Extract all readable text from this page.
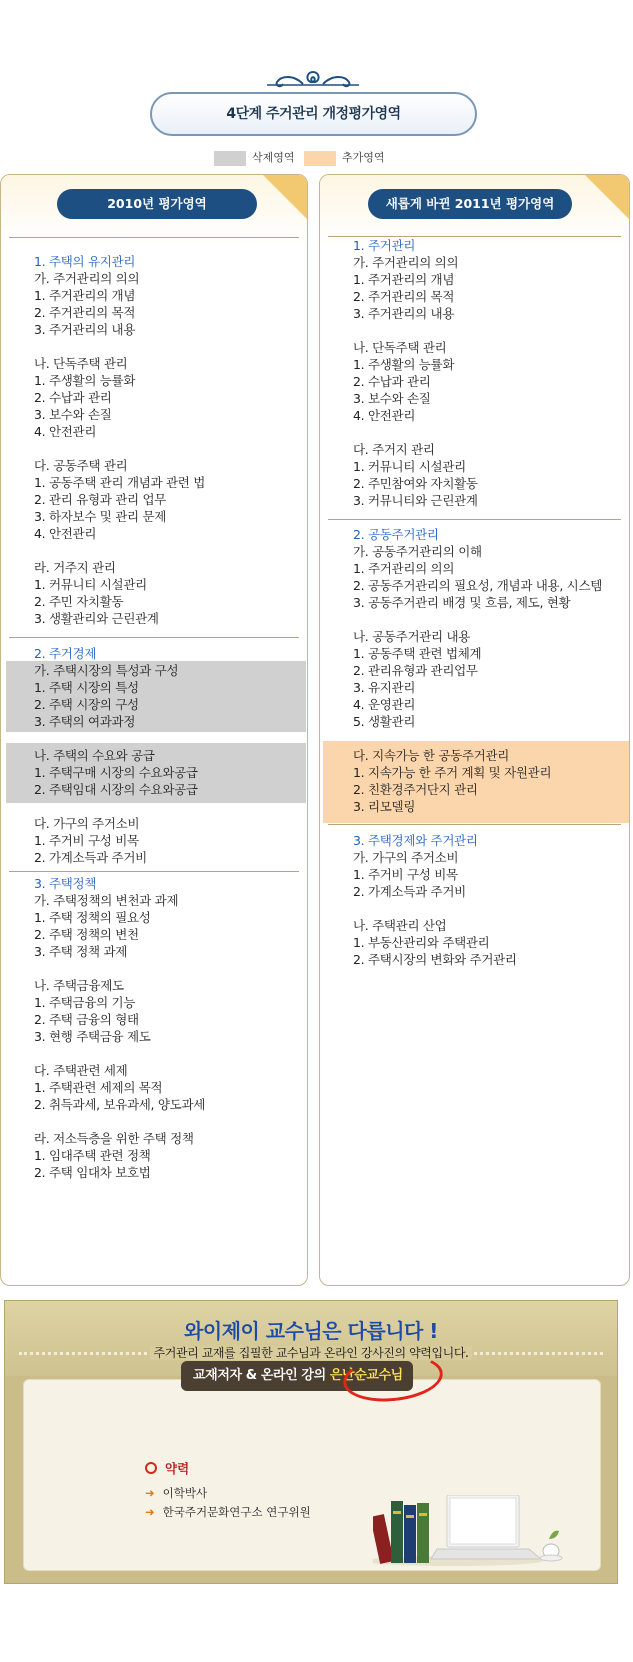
4단계 주거관리 개정평가영역
삭제영역	추가영역
2010년 평가영역
1. 주택의 유지관리
가. 주거관리의 의의
1. 주거관리의 개념
2. 주거관리의 목적
3. 주거관리의 내용
나. 단독주택 관리
1. 주생활의 능률화
2. 수납과 관리
3. 보수와 손질
4. 안전관리
다. 공동주택 관리
1. 공동주택 관리 개념과 관련 법
2. 관리 유형과 관리 업무
3. 하자보수 및 관리 문제
4. 안전관리
라. 거주지 관리
1. 커뮤니티 시설관리
2. 주민 자치활동
3. 생활관리와 근린관계
2. 주거경제
가. 주택시장의 특성과 구성
1. 주택 시장의 특성
2. 주택 시장의 구성
3. 주택의 여과과정
나. 주택의 수요와 공급
1. 주택구매 시장의 수요와공급
2. 주택임대 시장의 수요와공급
다. 가구의 주거소비
1. 주거비 구성 비목
2. 가계소득과 주거비
3. 주택정책
가. 주택정책의 변천과 과제
1. 주택 정책의 필요성
2. 주택 정책의 변천
3. 주택 정책 과제
나. 주택금융제도
1. 주택금융의 기능
2. 주택 금융의 형태
3. 현행 주택금융 제도
다. 주택관련 세제
1. 주택관련 세제의 목적
2. 취득과세, 보유과세, 양도과세
라. 저소득층을 위한 주택 정책
1. 임대주택 관련 정책
2. 주택 임대차 보호법
새롭게 바뀐 2011년 평가영역
1. 주거관리
가. 주거관리의 의의
1. 주거관리의 개념
2. 주거관리의 목적
3. 주거관리의 내용
나. 단독주택 관리
1. 주생활의 능률화
2. 수납과 관리
3. 보수와 손질
4. 안전관리
다. 주거지 관리
1. 커뮤니티 시설관리
2. 주민참여와 자치활동
3. 커뮤니티와 근린관계
2. 공동주거관리
가. 공동주거관리의 이해
1. 주거관리의 의의
2. 공동주거관리의 필요성, 개념과 내용, 시스템
3. 공동주거관리 배경 및 흐름, 제도, 현황
나. 공동주거관리 내용
1. 공동주택 관련 법체계
2. 관리유형과 관리업무
3. 유지관리
4. 운영관리
5. 생활관리
다. 지속가능 한 공동주거관리
1. 지속가능 한 주거 계획 및 자원관리
2. 친환경주거단지 관리
3. 리모델링
3. 주택경제와 주거관리
가. 가구의 주거소비
1. 주거비 구성 비목
2. 가계소득과 주거비
나. 주택관리 산업
1. 부동산관리와 주택관리
2. 주택시장의 변화와 주거관리
와이제이 교수님은 다릅니다 !
주거관리 교재를 집필한 교수님과 온라인 강사진의 약력입니다.
교재저자 & 온라인 강의 은난순교수님
약력
➜ 이학박사
➜ 한국주거문화연구소 연구위원
